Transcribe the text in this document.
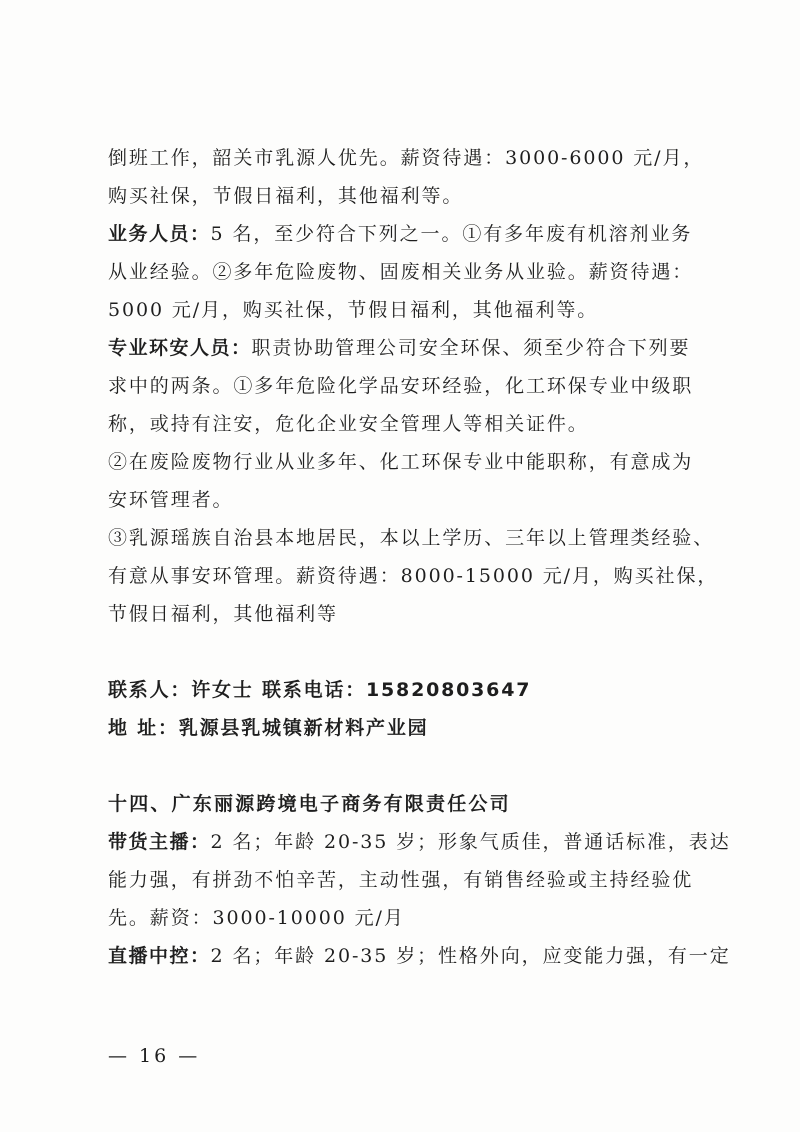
倒班工作，韶关市乳源人优先。薪资待遇：3000-6000 元/月，
购买社保，节假日福利，其他福利等。
业务人员：5 名，至少符合下列之一。①有多年废有机溶剂业务
从业经验。②多年危险废物、固废相关业务从业验。薪资待遇：
5000 元/月，购买社保，节假日福利，其他福利等。
专业环安人员：职责协助管理公司安全环保、须至少符合下列要
求中的两条。①多年危险化学品安环经验，化工环保专业中级职
称，或持有注安，危化企业安全管理人等相关证件。
②在废险废物行业从业多年、化工环保专业中能职称，有意成为
安环管理者。
③乳源瑶族自治县本地居民，本以上学历、三年以上管理类经验、
有意从事安环管理。薪资待遇：8000-15000 元/月，购买社保，
节假日福利，其他福利等
联系人：许女士 联系电话：15820803647
地 址：乳源县乳城镇新材料产业园
十四、广东丽源跨境电子商务有限责任公司
带货主播：2 名；年龄 20-35 岁；形象气质佳，普通话标准，表达
能力强，有拼劲不怕辛苦，主动性强，有销售经验或主持经验优
先。薪资：3000-10000 元/月
直播中控：2 名；年龄 20-35 岁；性格外向，应变能力强，有一定
— 16 —
